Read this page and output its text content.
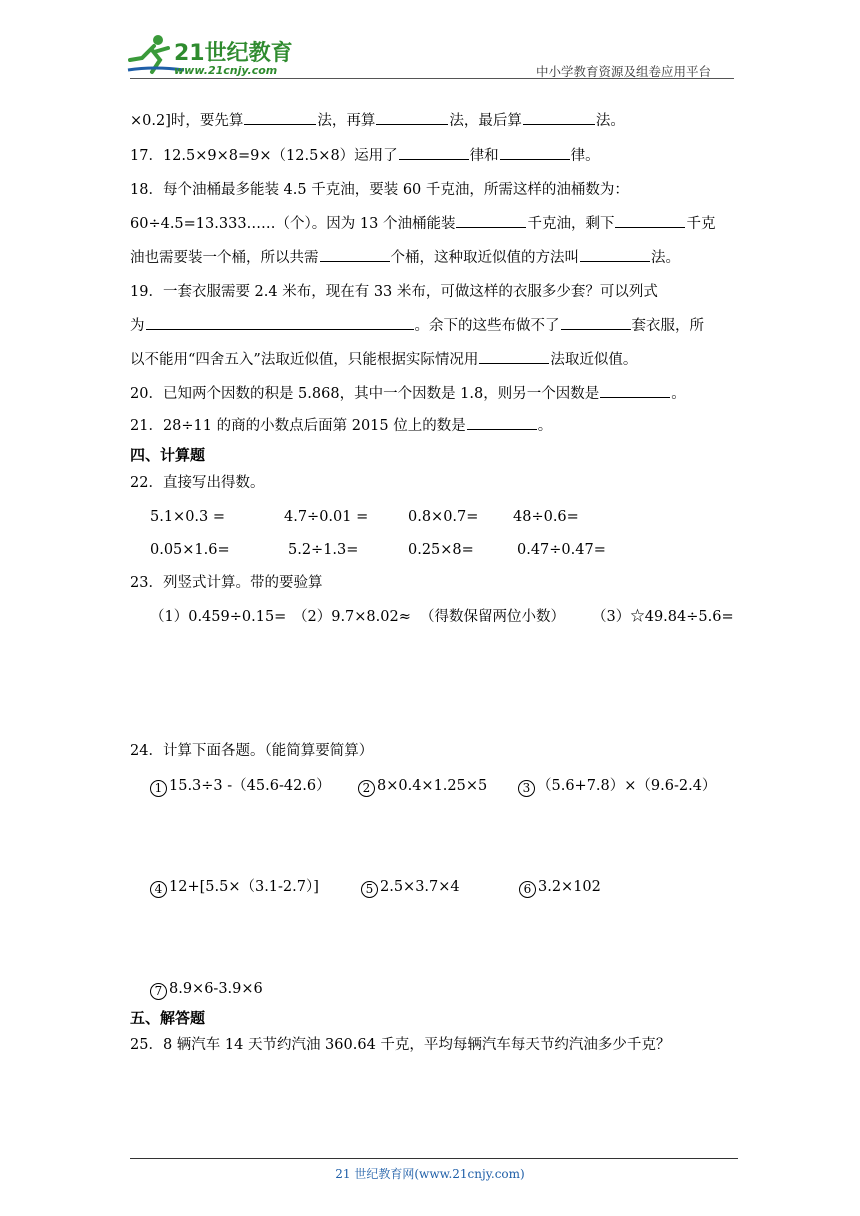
21世纪教育
www.21cnjy.com	中小学教育资源及组卷应用平台
×0.2]时，要先算	法，再算	法，最后算	法。
17．12.5×9×8=9×（12.5×8）运用了	律和	律。
18．每个油桶最多能装 4.5 千克油，要装 60 千克油，所需这样的油桶数为：
60÷4.5=13.333……（个）。因为 13 个油桶能装	千克油，剩下	千克
油也需要装一个桶，所以共需	个桶，这种取近似值的方法叫	法。
19．一套衣服需要 2.4 米布，现在有 33 米布，可做这样的衣服多少套？可以列式
为	。余下的这些布做不了	套衣服，所
以不能用“四舍五入”法取近似值，只能根据实际情况用	法取近似值。
20．已知两个因数的积是 5.868，其中一个因数是 1.8，则另一个因数是	。
21．28÷11 的商的小数点后面第 2015 位上的数是	。
四、计算题
22．直接写出得数。
5.1×0.3 =	4.7÷0.01 =	0.8×0.7= 48÷0.6=
0.05×1.6=	5.2÷1.3=	0.25×8=	0.47÷0.47=
23．列竖式计算。带的要验算
（1）0.459÷0.15= （2）9.7×8.02≈ （得数保留两位小数） （3）☆49.84÷5.6=
24．计算下面各题。（能简算要简算）
1 15.3÷3 -（45.6-42.6）	2 8×0.4×1.25×5	3 （5.6+7.8）×（9.6-2.4）
4 12+[5.5×（3.1-2.7）]	5 2.5×3.7×4	6 3.2×102
7 8.9×6-3.9×6
五、解答题
25．8 辆汽车 14 天节约汽油 360.64 千克，平均每辆汽车每天节约汽油多少千克？
21 世纪教育网(www.21cnjy.com)
